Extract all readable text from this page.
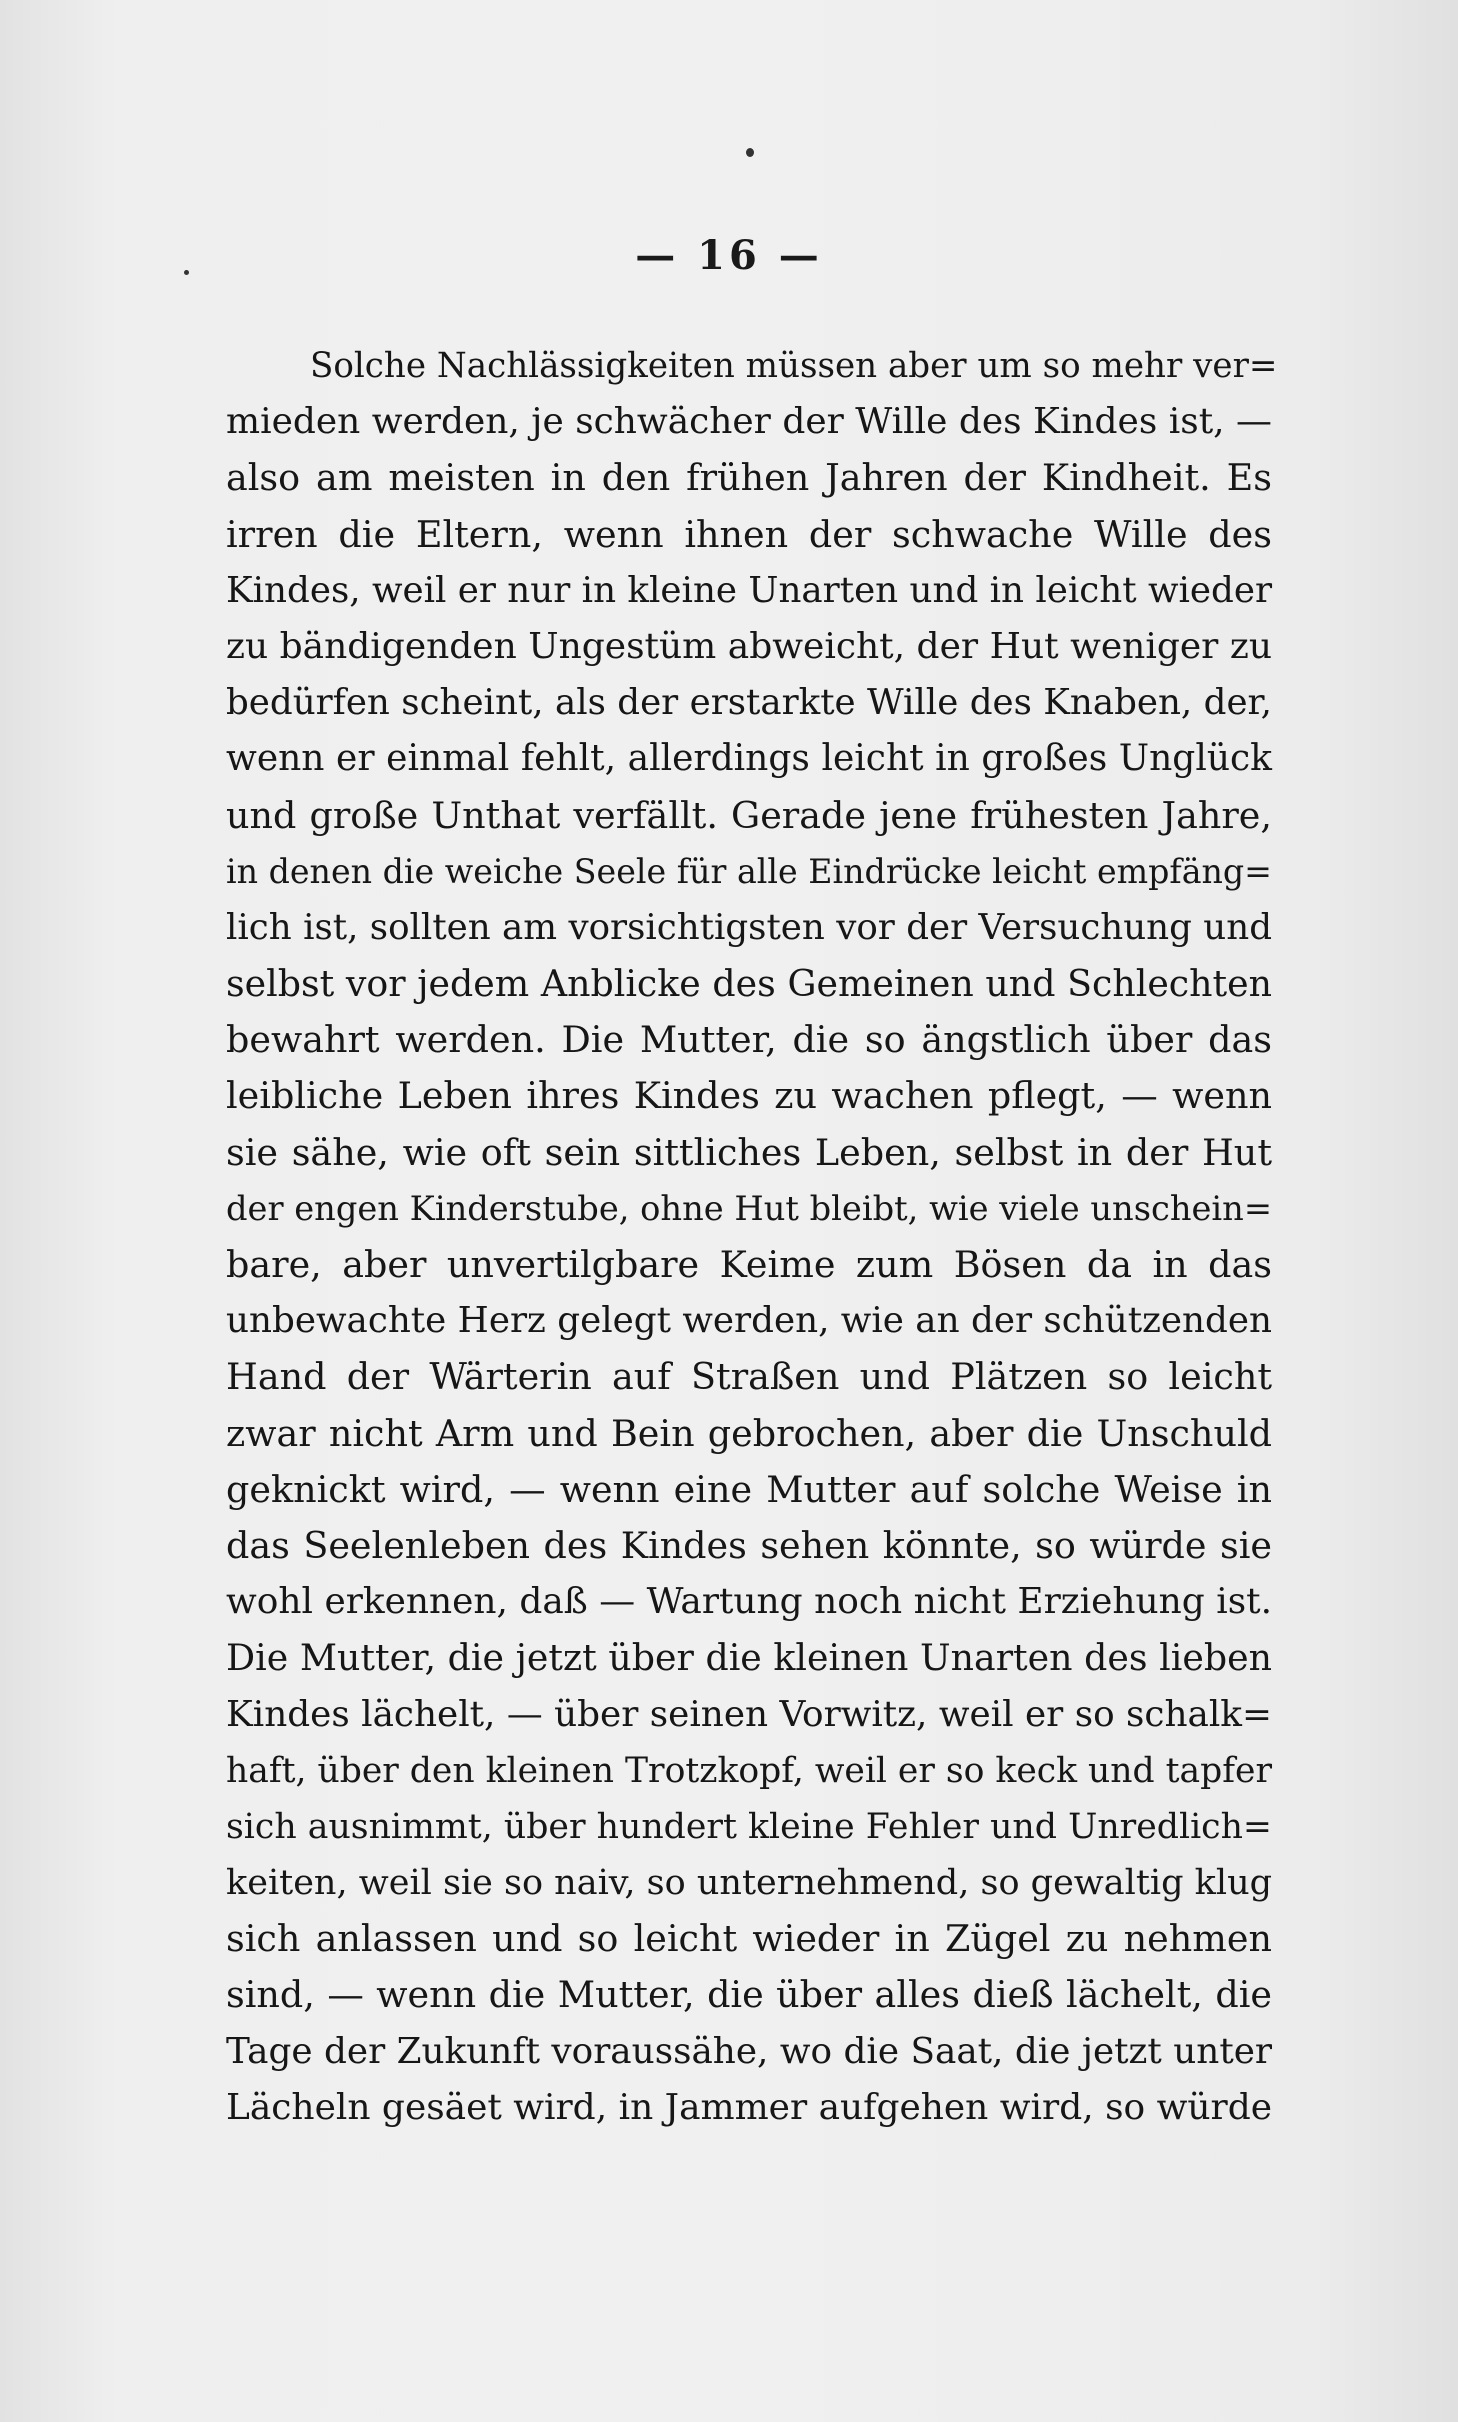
— 16 —
Solche Nachlässigkeiten müssen aber um so mehr ver=
mieden werden, je schwächer der Wille des Kindes ist, —
also am meisten in den frühen Jahren der Kindheit. Es
irren die Eltern, wenn ihnen der schwache Wille des
Kindes, weil er nur in kleine Unarten und in leicht wieder
zu bändigenden Ungestüm abweicht, der Hut weniger zu
bedürfen scheint, als der erstarkte Wille des Knaben, der,
wenn er einmal fehlt, allerdings leicht in großes Unglück
und große Unthat verfällt. Gerade jene frühesten Jahre,
in denen die weiche Seele für alle Eindrücke leicht empfäng=
lich ist, sollten am vorsichtigsten vor der Versuchung und
selbst vor jedem Anblicke des Gemeinen und Schlechten
bewahrt werden. Die Mutter, die so ängstlich über das
leibliche Leben ihres Kindes zu wachen pflegt, — wenn
sie sähe, wie oft sein sittliches Leben, selbst in der Hut
der engen Kinderstube, ohne Hut bleibt, wie viele unschein=
bare, aber unvertilgbare Keime zum Bösen da in das
unbewachte Herz gelegt werden, wie an der schützenden
Hand der Wärterin auf Straßen und Plätzen so leicht
zwar nicht Arm und Bein gebrochen, aber die Unschuld
geknickt wird, — wenn eine Mutter auf solche Weise in
das Seelenleben des Kindes sehen könnte, so würde sie
wohl erkennen, daß — Wartung noch nicht Erziehung ist.
Die Mutter, die jetzt über die kleinen Unarten des lieben
Kindes lächelt, — über seinen Vorwitz, weil er so schalk=
haft, über den kleinen Trotzkopf, weil er so keck und tapfer
sich ausnimmt, über hundert kleine Fehler und Unredlich=
keiten, weil sie so naiv, so unternehmend, so gewaltig klug
sich anlassen und so leicht wieder in Zügel zu nehmen
sind, — wenn die Mutter, die über alles dieß lächelt, die
Tage der Zukunft voraussähe, wo die Saat, die jetzt unter
Lächeln gesäet wird, in Jammer aufgehen wird, so würde
